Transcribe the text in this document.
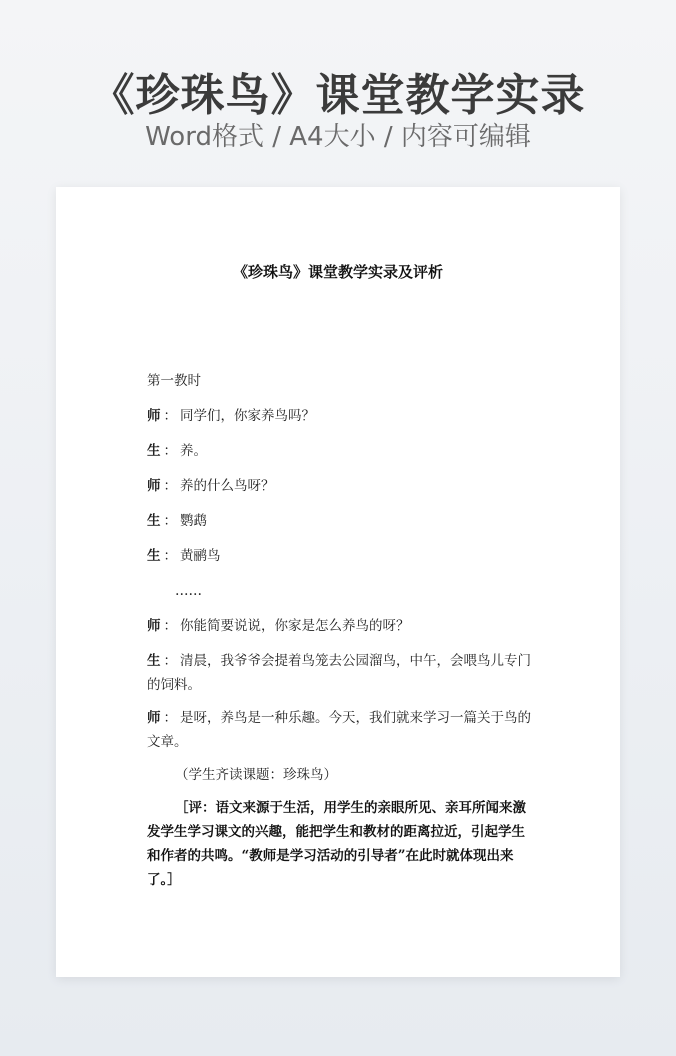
《珍珠鸟》课堂教学实录
Word格式 / A4大小 / 内容可编辑
《珍珠鸟》课堂教学实录及评析
第一教时
师 ： 同学们，你家养鸟吗？
生 ： 养。
师 ： 养的什么鸟呀？
生 ： 鹦鹉
生 ： 黄鹂鸟
……
师 ： 你能简要说说，你家是怎么养鸟的呀？
生 ： 清晨，我爷爷会提着鸟笼去公园溜鸟，中午，会喂鸟儿专门的饲料。
师 ： 是呀，养鸟是一种乐趣。今天，我们就来学习一篇关于鸟的文章。
（学生齐读课题：珍珠鸟）
［评：语文来源于生活，用学生的亲眼所见、亲耳所闻来激发学生学习课文的兴趣，能把学生和教材的距离拉近，引起学生和作者的共鸣。“教师是学习活动的引导者”在此时就体现出来了。］
